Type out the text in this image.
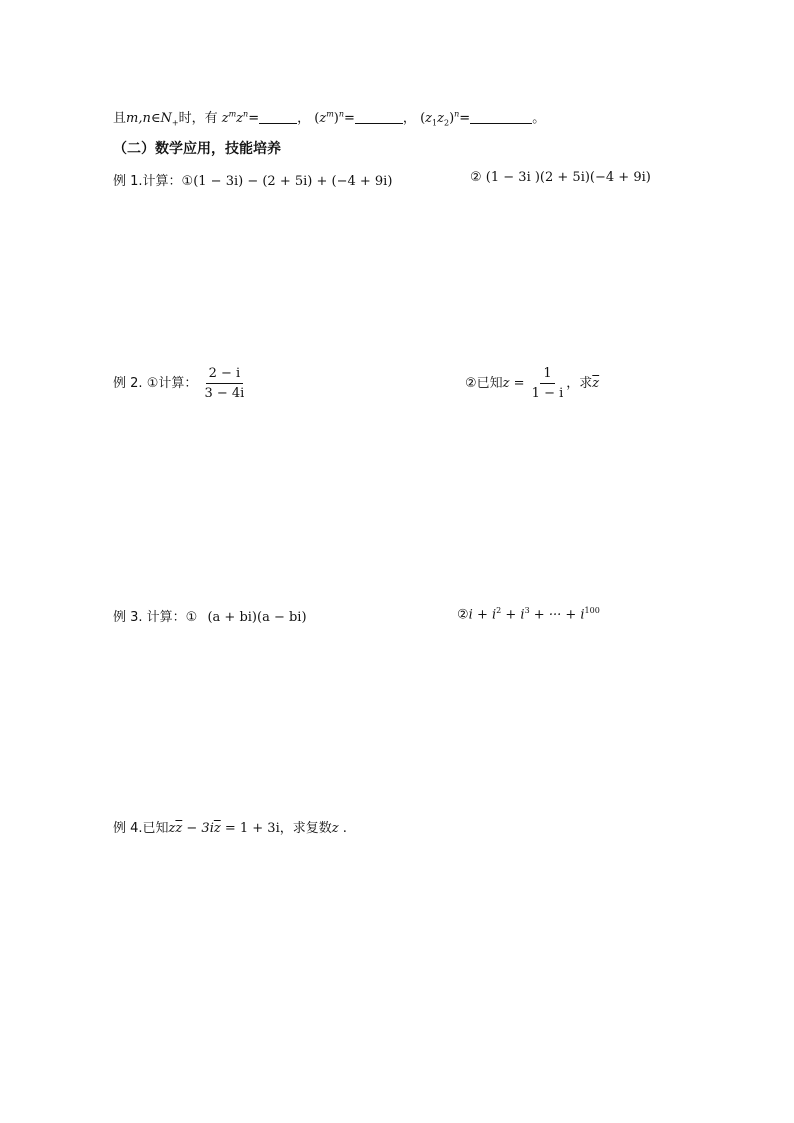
且$m,n\in N_+$时，有 $z^mz^n=$	， $(z^m)^n=$	， $(z_1z_2)^n=$	。
（二）数学应用，技能培养
例 1.计算：①(1 − 3i) − (2 + 5i) + (−4 + 9i)	② (1 − 3i )(2 + 5i)(−4 + 9i)
例 2. ①计算： $\frac{2 - i}{3 - 4i}$	②已知$z = \frac{1}{1 - i}$ ，求$\overline{z}$
例 3. 计算：① (a + bi)(a − bi)	②i + $i^2 + i^3$ + ··· + $i^{100}$
例 4.已知$z\overline{z} - 3i\overline{z} = 1 + 3i$，求复数z .
